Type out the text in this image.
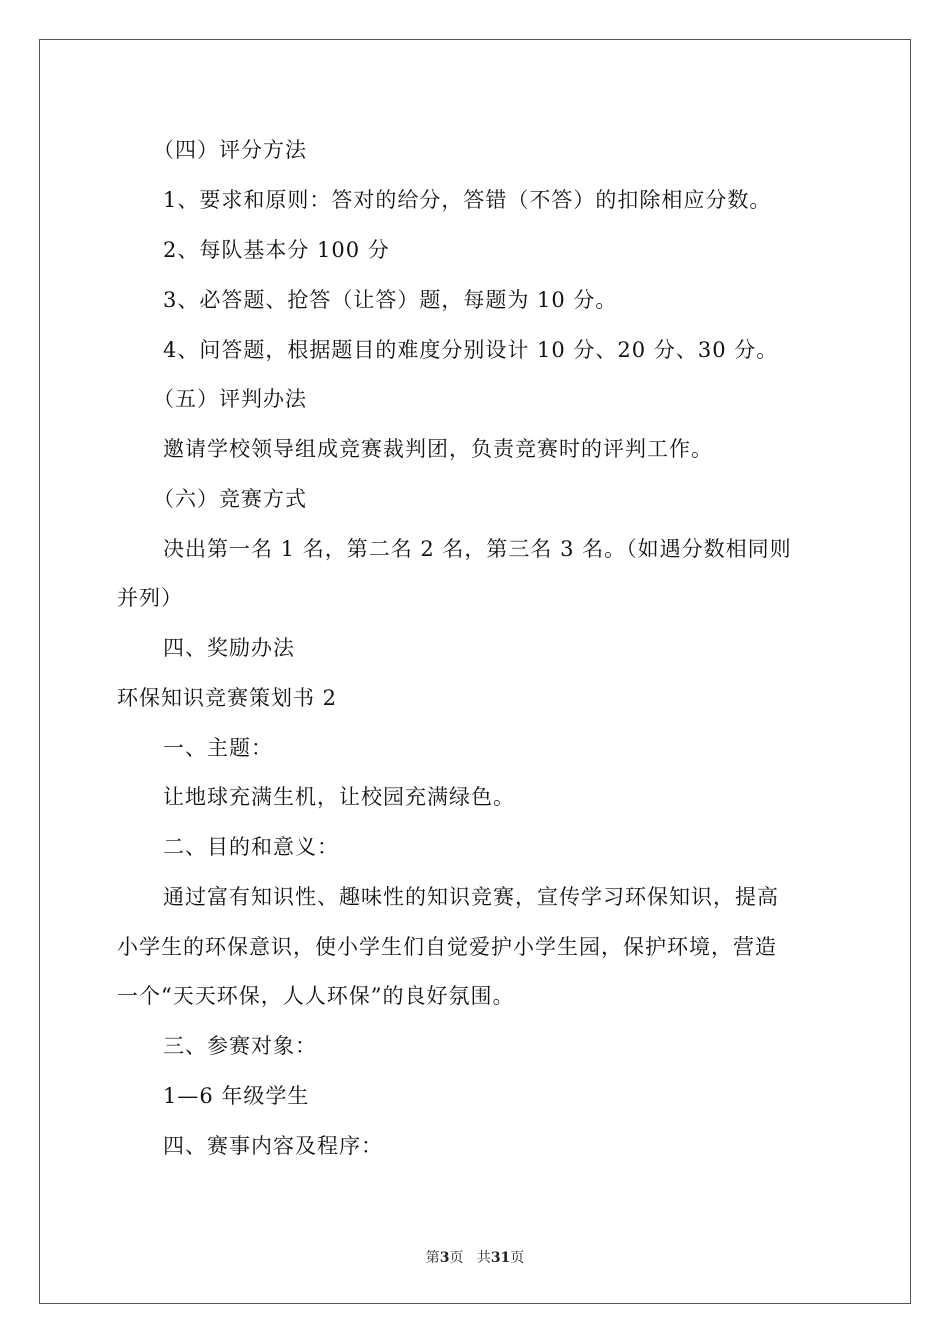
（四）评分方法
1、要求和原则：答对的给分，答错（不答）的扣除相应分数。
2、每队基本分 100 分
3、必答题、抢答（让答）题，每题为 10 分。
4、问答题，根据题目的难度分别设计 10 分、20 分、30 分。
（五）评判办法
邀请学校领导组成竞赛裁判团，负责竞赛时的评判工作。
（六）竞赛方式
决出第一名 1 名，第二名 2 名，第三名 3 名。（如遇分数相同则
并列）
四、奖励办法
环保知识竞赛策划书 2
一、主题：
让地球充满生机，让校园充满绿色。
二、目的和意义：
通过富有知识性、趣味性的知识竞赛，宣传学习环保知识，提高
小学生的环保意识，使小学生们自觉爱护小学生园，保护环境，营造
一个“天天环保，人人环保”的良好氛围。
三、参赛对象：
1—6 年级学生
四、赛事内容及程序：
第3页 共31页
